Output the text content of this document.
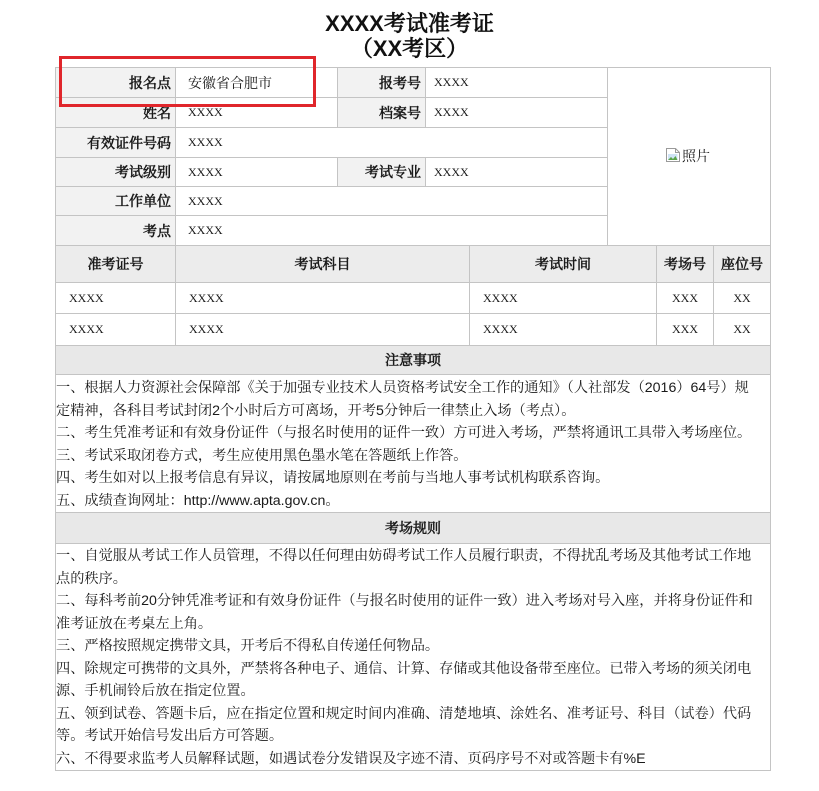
XXXX考试准考证
（XX考区）
照片
报名点	安徽省合肥市	报考号	XXXX
姓名	XXXX	档案号	XXXX
有效证件号码	XXXX
考试级别	XXXX	考试专业	XXXX
工作单位	XXXX
考点	XXXX
准考证号	考试科目	考试时间	考场号	座位号
XXXX	XXXX	XXXX	XXX	XX
XXXX	XXXX	XXXX	XXX	XX
注意事项
一、根据人力资源社会保障部《关于加强专业技术人员资格考试安全工作的通知》（人社部发（2016）64号）规
定精神，各科目考试封闭2个小时后方可离场，开考5分钟后一律禁止入场（考点）。
二、考生凭准考证和有效身份证件（与报名时使用的证件一致）方可进入考场，严禁将通讯工具带入考场座位。
三、考试采取闭卷方式，考生应使用黑色墨水笔在答题纸上作答。
四、考生如对以上报考信息有异议，请按属地原则在考前与当地人事考试机构联系咨询。
五、成绩查询网址：http://www.apta.gov.cn。
考场规则
一、自觉服从考试工作人员管理，不得以任何理由妨碍考试工作人员履行职责，不得扰乱考场及其他考试工作地
点的秩序。
二、每科考前20分钟凭准考证和有效身份证件（与报名时使用的证件一致）进入考场对号入座，并将身份证件和
准考证放在考桌左上角。
三、严格按照规定携带文具，开考后不得私自传递任何物品。
四、除规定可携带的文具外，严禁将各种电子、通信、计算、存储或其他设备带至座位。已带入考场的须关闭电
源、手机闹铃后放在指定位置。
五、领到试卷、答题卡后，应在指定位置和规定时间内准确、清楚地填、涂姓名、准考证号、科目（试卷）代码
等。考试开始信号发出后方可答题。
六、不得要求监考人员解释试题，如遇试卷分发错误及字迹不清、页码序号不对或答题卡有%E
